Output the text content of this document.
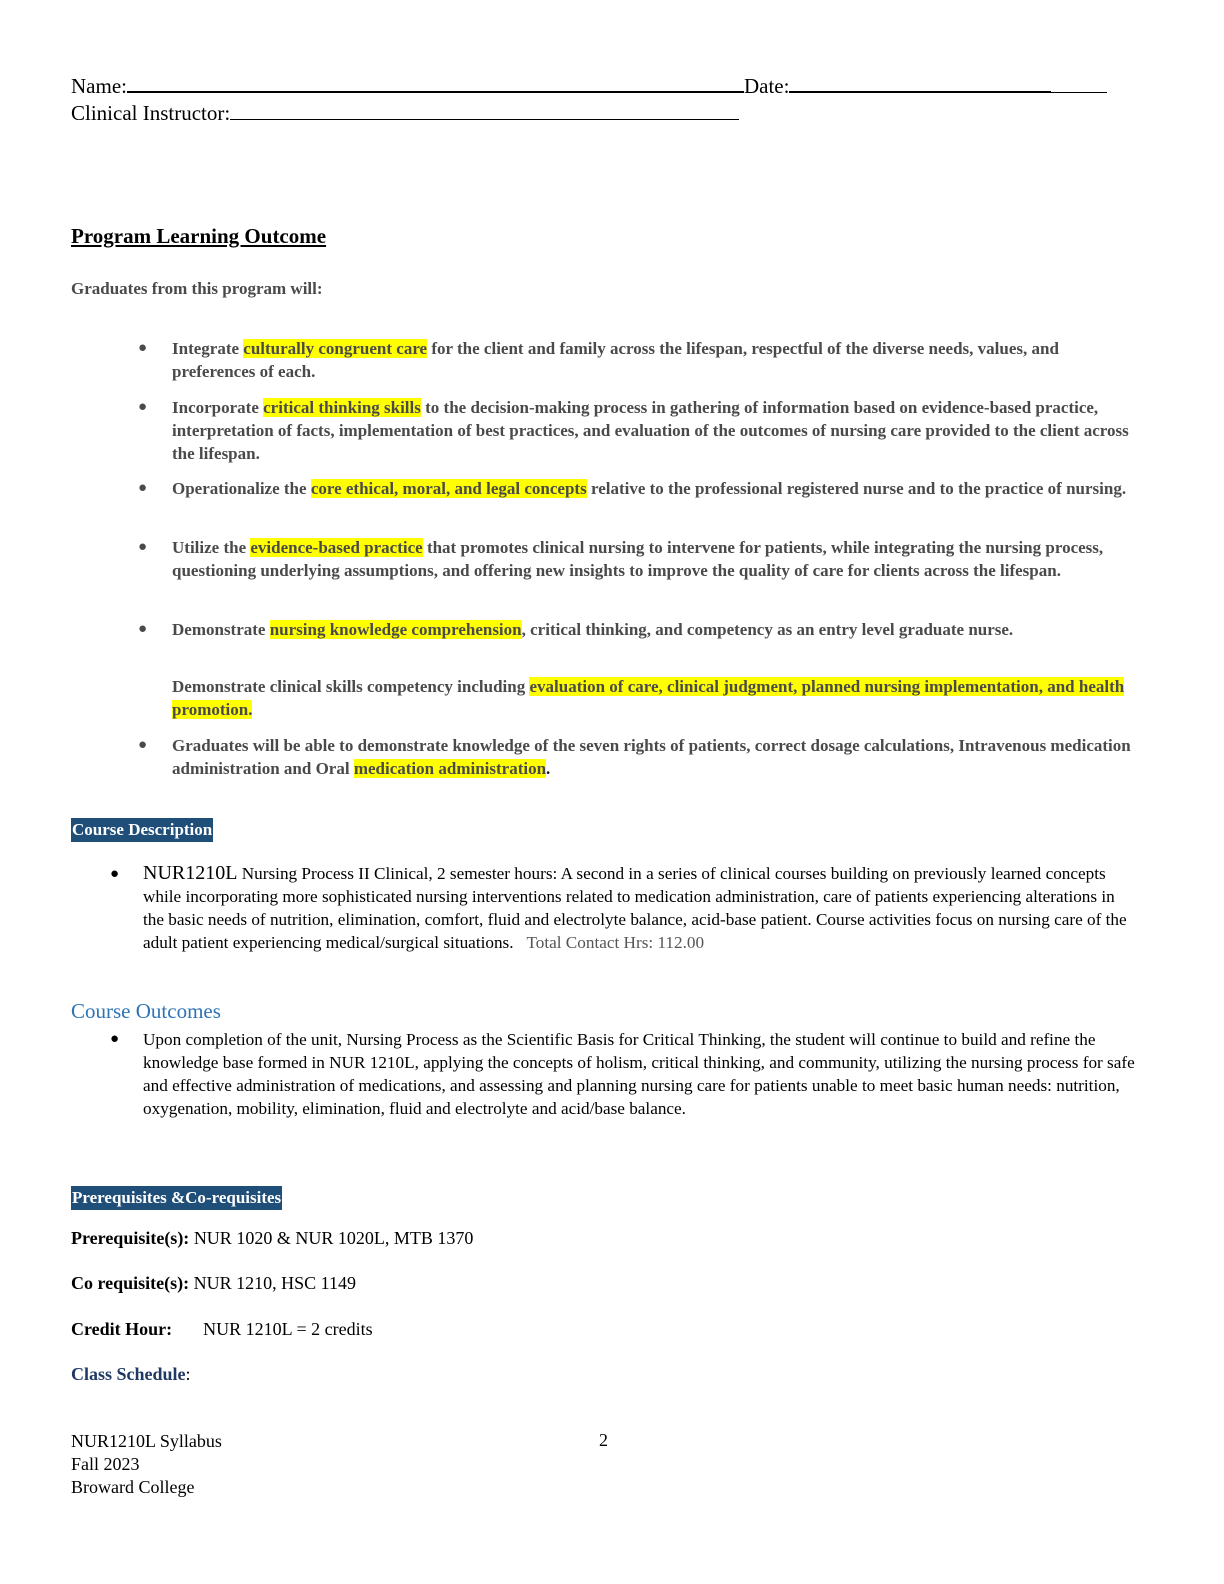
Name:	Date:
Clinical Instructor:
Program Learning Outcome
Graduates from this program will:
● Integrate culturally congruent care for the client and family across the lifespan, respectful of the diverse needs, values, and preferences of each.
● Incorporate critical thinking skills to the decision-making process in gathering of information based on evidence-based practice, interpretation of facts, implementation of best practices, and evaluation of the outcomes of nursing care provided to the client across the lifespan.
● Operationalize the core ethical, moral, and legal concepts relative to the professional registered nurse and to the practice of nursing.
● Utilize the evidence-based practice that promotes clinical nursing to intervene for patients, while integrating the nursing process, questioning underlying assumptions, and offering new insights to improve the quality of care for clients across the lifespan.
● Demonstrate nursing knowledge comprehension, critical thinking, and competency as an entry level graduate nurse.
Demonstrate clinical skills competency including evaluation of care, clinical judgment, planned nursing implementation, and health promotion.
● Graduates will be able to demonstrate knowledge of the seven rights of patients, correct dosage calculations, Intravenous medication administration and Oral medication administration.
Course Description
● NUR1210L Nursing Process II Clinical, 2 semester hours: A second in a series of clinical courses building on previously learned concepts while incorporating more sophisticated nursing interventions related to medication administration, care of patients experiencing alterations in the basic needs of nutrition, elimination, comfort, fluid and electrolyte balance, acid-base patient. Course activities focus on nursing care of the adult patient experiencing medical/surgical situations. Total Contact Hrs: 112.00
Course Outcomes
● Upon completion of the unit, Nursing Process as the Scientific Basis for Critical Thinking, the student will continue to build and refine the knowledge base formed in NUR 1210L, applying the concepts of holism, critical thinking, and community, utilizing the nursing process for safe and effective administration of medications, and assessing and planning nursing care for patients unable to meet basic human needs: nutrition, oxygenation, mobility, elimination, fluid and electrolyte and acid/base balance.
Prerequisites &Co-requisites
Prerequisite(s): NUR 1020 & NUR 1020L, MTB 1370
Co requisite(s): NUR 1210, HSC 1149
Credit Hour: NUR 1210L = 2 credits
Class Schedule:
NUR1210L Syllabus
Fall 2023
Broward College
2
